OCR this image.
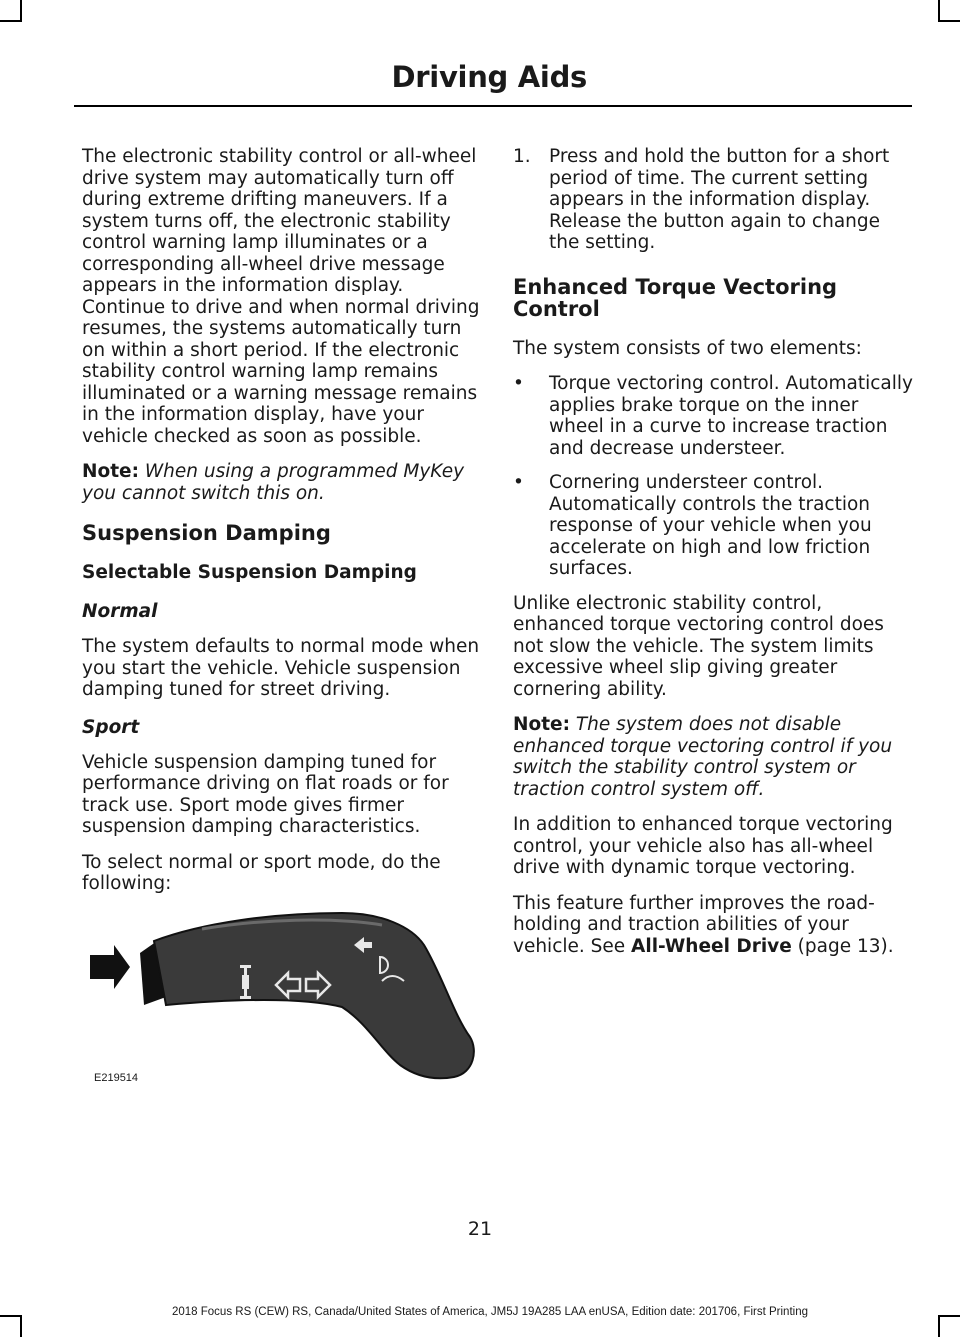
Driving Aids

The electronic stability control or all-wheel drive system may automatically turn off during extreme drifting maneuvers. If a system turns off, the electronic stability control warning lamp illuminates or a corresponding all-wheel drive message appears in the information display. Continue to drive and when normal driving resumes, the systems automatically turn on within a short period. If the electronic stability control warning lamp remains illuminated or a warning message remains in the information display, have your vehicle checked as soon as possible.

Note: When using a programmed MyKey you cannot switch this on.

Suspension Damping
Selectable Suspension Damping
Normal

The system defaults to normal mode when you start the vehicle. Vehicle suspension damping tuned for street driving.

Sport

Vehicle suspension damping tuned for performance driving on flat roads or for track use. Sport mode gives firmer suspension damping characteristics.

To select normal or sport mode, do the following:

E219514
1. Press and hold the button for a short period of time. The current setting appears in the information display. Release the button again to change the setting.
Enhanced Torque Vectoring Control

The system consists of two elements:

•	Torque vectoring control. Automatically applies brake torque on the inner wheel in a curve to increase traction and decrease understeer.
•	Cornering understeer control. Automatically controls the traction response of your vehicle when you accelerate on high and low friction surfaces.

Unlike electronic stability control, enhanced torque vectoring control does not slow the vehicle. The system limits excessive wheel slip giving greater cornering ability.

Note: The system does not disable enhanced torque vectoring control if you switch the stability control system or traction control system off.

In addition to enhanced torque vectoring control, your vehicle also has all-wheel drive with dynamic torque vectoring.

This feature further improves the road-holding and traction abilities of your vehicle. See All-Wheel Drive (page 13).

21
2018 Focus RS (CEW) RS, Canada/United States of America, JM5J 19A285 LAA enUSA, Edition date: 201706, First Printing
